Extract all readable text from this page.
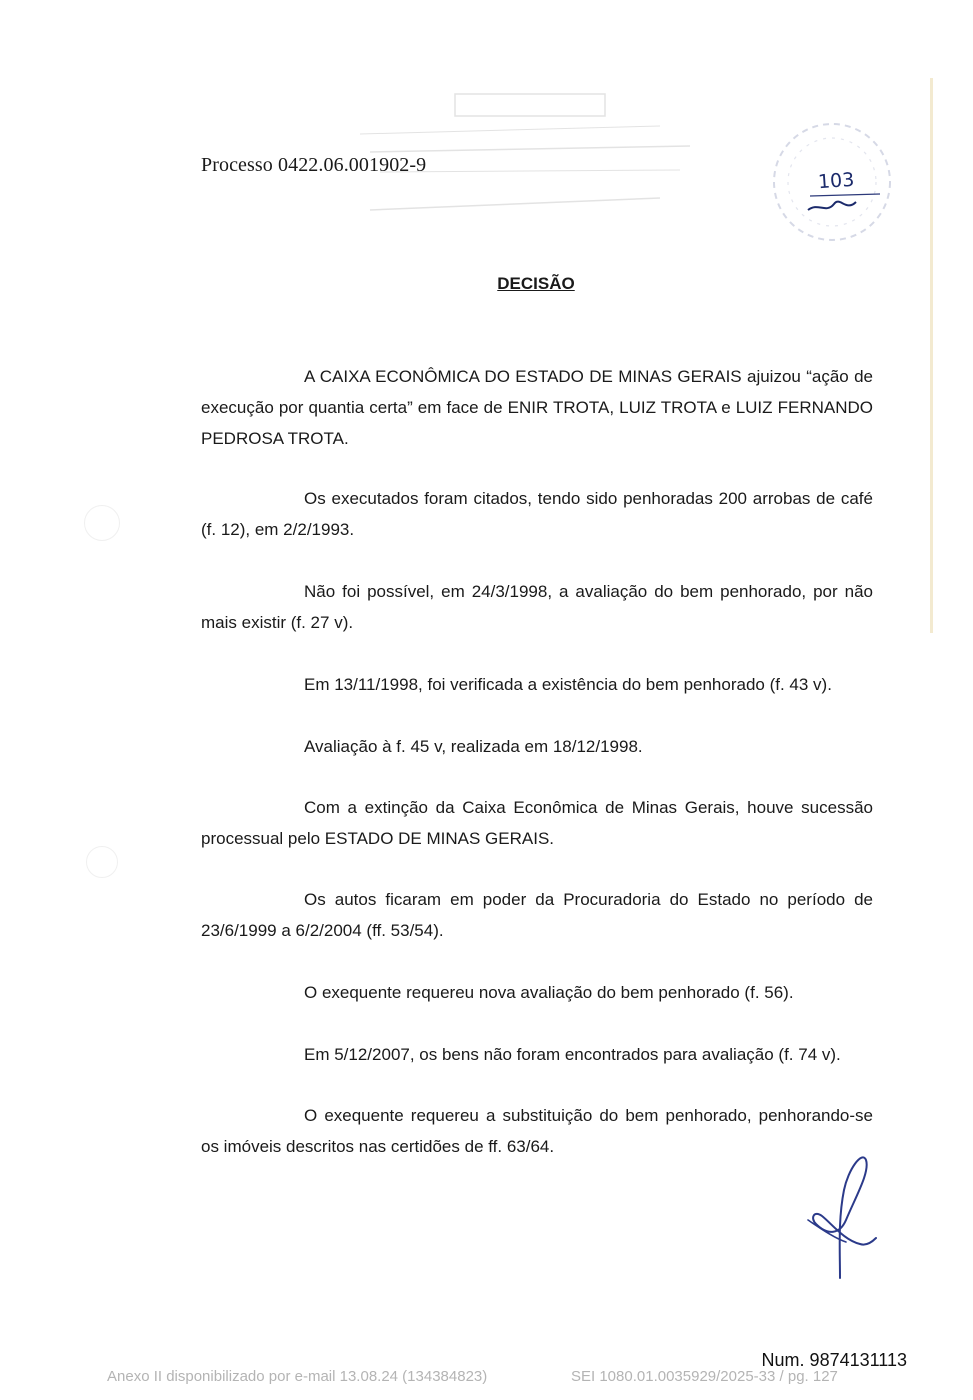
Processo 0422.06.001902-9
103
DECISÃO

A CAIXA ECONÔMICA DO ESTADO DE MINAS GERAIS ajuizou “ação de execução por quantia certa” em face de ENIR TROTA, LUIZ TROTA e LUIZ FERNANDO PEDROSA TROTA.

Os executados foram citados, tendo sido penhoradas 200 arrobas de café (f. 12), em 2/2/1993.

Não foi possível, em 24/3/1998, a avaliação do bem penhorado, por não mais existir (f. 27 v).

Em 13/11/1998, foi verificada a existência do bem penhorado (f. 43 v).

Avaliação à f. 45 v, realizada em 18/12/1998.

Com a extinção da Caixa Econômica de Minas Gerais, houve sucessão processual pelo ESTADO DE MINAS GERAIS.

Os autos ficaram em poder da Procuradoria do Estado no período de 23/6/1999 a 6/2/2004 (ff. 53/54).

O exequente requereu nova avaliação do bem penhorado (f. 56).

Em 5/12/2007, os bens não foram encontrados para avaliação (f. 74 v).

O exequente requereu a substituição do bem penhorado, penhorando-se os imóveis descritos nas certidões de ff. 63/64.

Num. 9874131113
Anexo II disponibilizado por e-mail 13.08.24 (134384823)	SEI 1080.01.0035929/2025-33 / pg. 127
